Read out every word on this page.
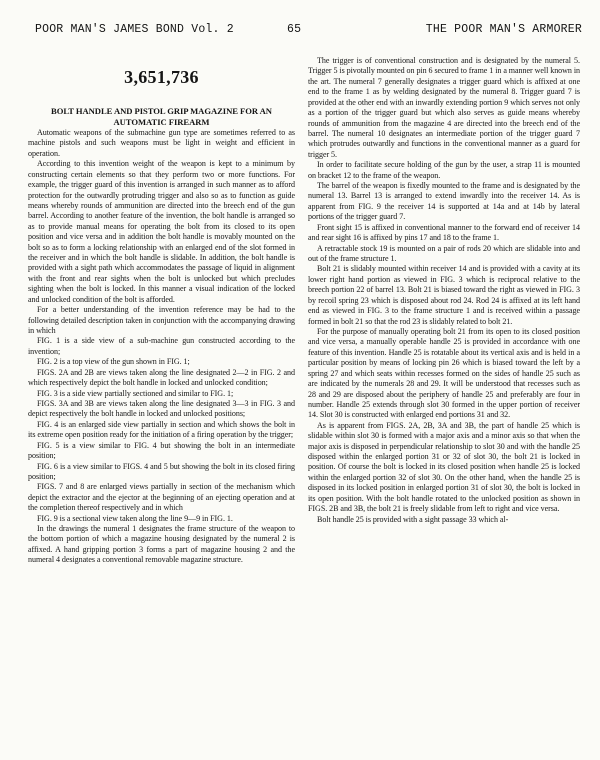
POOR MAN'S JAMES BOND Vol. 2	65	THE POOR MAN'S ARMORER
3,651,736
BOLT HANDLE AND PISTOL GRIP MAGAZINE FOR AN
AUTOMATIC FIREARM

Automatic weapons of the submachine gun type are sometimes referred to as machine pistols and such weapons must be light in weight and efficient in operation.

According to this invention weight of the weapon is kept to a minimum by constructing certain elements so that they perform two or more functions. For example, the trigger guard of this invention is arranged in such manner as to afford protection for the outwardly protruding trigger and also so as to function as guide means whereby rounds of ammunition are directed into the breech end of the gun barrel. According to another feature of the invention, the bolt handle is arranged so as to provide manual means for operating the bolt from its closed to its open position and vice versa and in addition the bolt handle is movably mounted on the bolt so as to form a locking relationship with an enlarged end of the slot formed in the receiver and in which the bolt handle is slidable. In addition, the bolt handle is provided with a sight path which accommodates the passage of liquid in alignment with the front and rear sights when the bolt is unlocked but which precludes sighting when the bolt is locked. In this manner a visual indication of the locked and unlocked condition of the bolt is afforded.

For a better understanding of the invention reference may be had to the following detailed description taken in conjunction with the accompanying drawing in which

FIG. 1 is a side view of a sub-machine gun constructed according to the invention;

FIG. 2 is a top view of the gun shown in FIG. 1;

FIGS. 2A and 2B are views taken along the line designated 2—2 in FIG. 2 and which respectively depict the bolt handle in locked and unlocked condition;

FIG. 3 is a side view partially sectioned and similar to FIG. 1;

FIGS. 3A and 3B are views taken along the line designated 3—3 in FIG. 3 and depict respectively the bolt handle in locked and unlocked positions;

FIG. 4 is an enlarged side view partially in section and which shows the bolt in its extreme open position ready for the initiation of a firing operation by the trigger;

FIG. 5 is a view similar to FIG. 4 but showing the bolt in an intermediate position;

FIG. 6 is a view similar to FIGS. 4 and 5 but showing the bolt in its closed firing position;

FIGS. 7 and 8 are enlarged views partially in section of the mechanism which depict the extractor and the ejector at the beginning of an ejecting operation and at the completion thereof respectively and in which

FIG. 9 is a sectional view taken along the line 9—9 in FIG. 1.

In the drawings the numeral 1 designates the frame structure of the weapon to the bottom portion of which a magazine housing designated by the numeral 2 is affixed. A hand gripping portion 3 forms a part of magazine housing 2 and the numeral 4 designates a conventional removable magazine structure.

The trigger is of conventional construction and is designated by the numeral 5. Trigger 5 is pivotally mounted on pin 6 secured to frame 1 in a manner well known in the art. The numeral 7 generally designates a trigger guard which is affixed at one end to the frame 1 as by welding designated by the numeral 8. Trigger guard 7 is provided at the other end with an inwardly extending portion 9 which serves not only as a portion of the trigger guard but which also serves as guide means whereby rounds of ammunition from the magazine 4 are directed into the breech end of the barrel. The numeral 10 designates an intermediate portion of the trigger guard 7 which protrudes outwardly and functions in the conventional manner as a guard for trigger 5.

In order to facilitate secure holding of the gun by the user, a strap 11 is mounted on bracket 12 to the frame of the weapon.

The barrel of the weapon is fixedly mounted to the frame and is designated by the numeral 13. Barrel 13 is arranged to extend inwardly into the receiver 14. As is apparent from FIG. 9 the receiver 14 is supported at 14a and at 14b by lateral portions of the trigger guard 7.

Front sight 15 is affixed in conventional manner to the forward end of receiver 14 and rear sight 16 is affixed by pins 17 and 18 to the frame 1.

A retractable stock 19 is mounted on a pair of rods 20 which are slidable into and out of the frame structure 1.

Bolt 21 is slidably mounted within receiver 14 and is provided with a cavity at its lower right hand portion as viewed in FIG. 3 which is reciprocal relative to the breech portion 22 of barrel 13. Bolt 21 is biased toward the right as viewed in FIG. 3 by recoil spring 23 which is disposed about rod 24. Rod 24 is affixed at its left hand end as viewed in FIG. 3 to the frame structure 1 and is received within a passage formed in bolt 21 so that the rod 23 is slidably related to bolt 21.

For the purpose of manually operating bolt 21 from its open to its closed position and vice versa, a manually operable handle 25 is provided in accordance with one feature of this invention. Handle 25 is rotatable about its vertical axis and is held in a particular position by means of locking pin 26 which is biased toward the left by a spring 27 and which seats within recesses formed on the sides of handle 25 such as are indicated by the numerals 28 and 29. It will be understood that recesses such as 28 and 29 are disposed about the periphery of handle 25 and preferably are four in number. Handle 25 extends through slot 30 formed in the upper portion of receiver 14. Slot 30 is constructed with enlarged end portions 31 and 32.

As is apparent from FIGS. 2A, 2B, 3A and 3B, the part of handle 25 which is slidable within slot 30 is formed with a major axis and a minor axis so that when the major axis is disposed in perpendicular relationship to slot 30 and with the handle 25 disposed within the enlarged portion 31 or 32 of slot 30, the bolt 21 is locked in position. Of course the bolt is locked in its closed position when handle 25 is locked within the enlarged portion 32 of slot 30. On the other hand, when the handle 25 is disposed in its locked position in enlarged portion 31 of slot 30, the bolt is locked in its open position. With the bolt handle rotated to the unlocked position as shown in FIGS. 2B and 3B, the bolt 21 is freely slidable from left to right and vice versa.

Bolt handle 25 is provided with a sight passage 33 which al-
